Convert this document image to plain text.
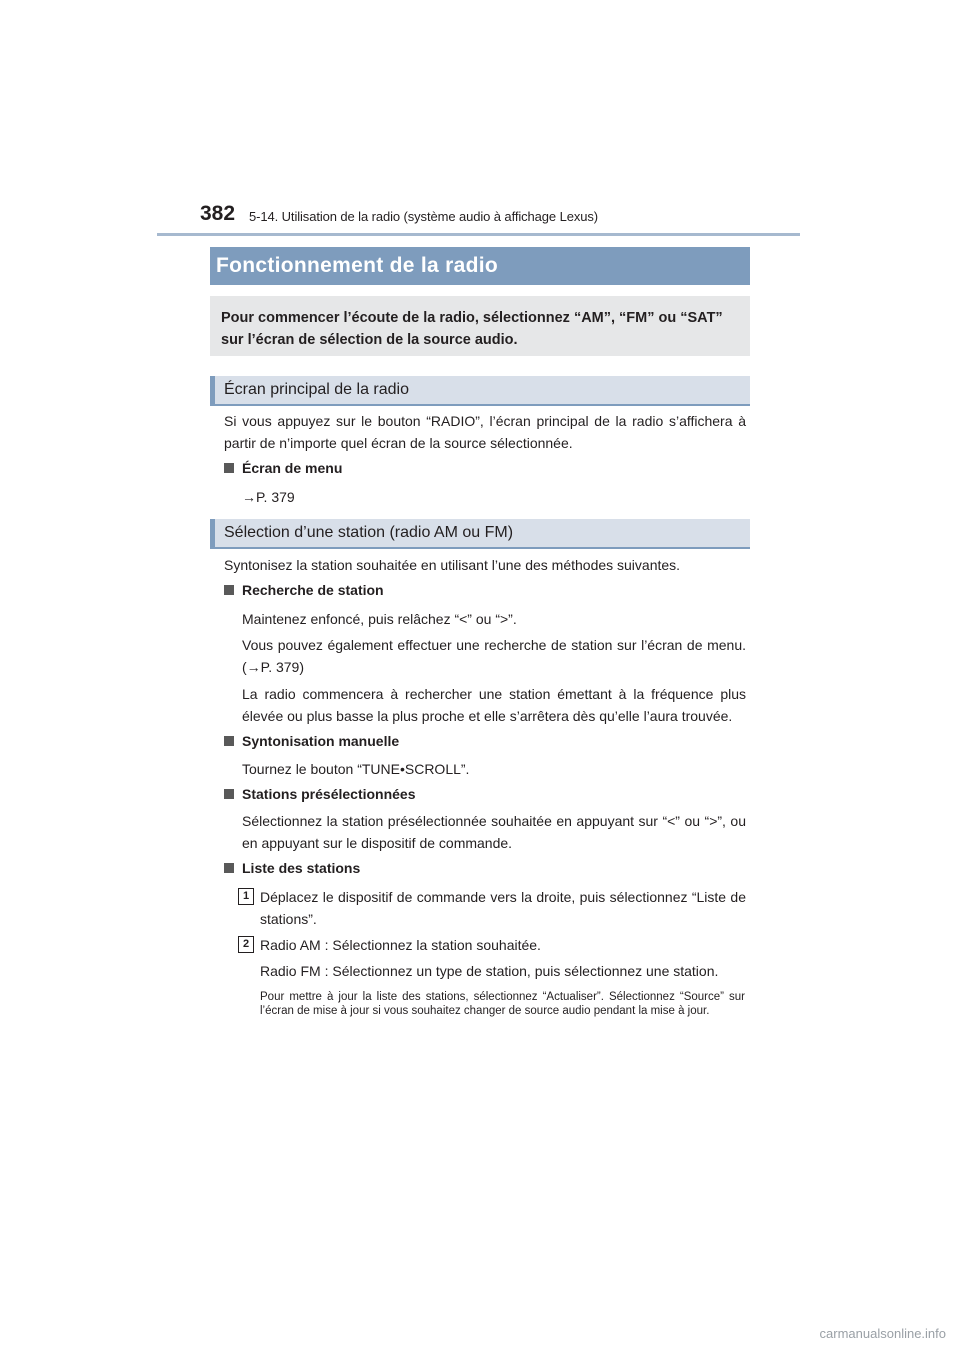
382 5-14. Utilisation de la radio (système audio à affichage Lexus)
Fonctionnement de la radio
Pour commencer l’écoute de la radio, sélectionnez “AM”, “FM” ou “SAT” sur l’écran de sélection de la source audio.
Écran principal de la radio
Si vous appuyez sur le bouton “RADIO”, l’écran principal de la radio s’affichera à partir de n’importe quel écran de la source sélectionnée.
Écran de menu
→P. 379
Sélection d’une station (radio AM ou FM)
Syntonisez la station souhaitée en utilisant l’une des méthodes suivantes.
Recherche de station
Maintenez enfoncé, puis relâchez “<” ou “>”.
Vous pouvez également effectuer une recherche de station sur l’écran de menu. (→P. 379)
La radio commencera à rechercher une station émettant à la fréquence plus élevée ou plus basse la plus proche et elle s’arrêtera dès qu’elle l’aura trouvée.
Syntonisation manuelle
Tournez le bouton “TUNE•SCROLL”.
Stations présélectionnées
Sélectionnez la station présélectionnée souhaitée en appuyant sur “<” ou “>”, ou en appuyant sur le dispositif de commande.
Liste des stations
1 Déplacez le dispositif de commande vers la droite, puis sélectionnez “Liste de stations”.
2 Radio AM : Sélectionnez la station souhaitée.
Radio FM : Sélectionnez un type de station, puis sélectionnez une station.
Pour mettre à jour la liste des stations, sélectionnez “Actualiser”. Sélectionnez “Source” sur l’écran de mise à jour si vous souhaitez changer de source audio pendant la mise à jour.
carmanualsonline.info
